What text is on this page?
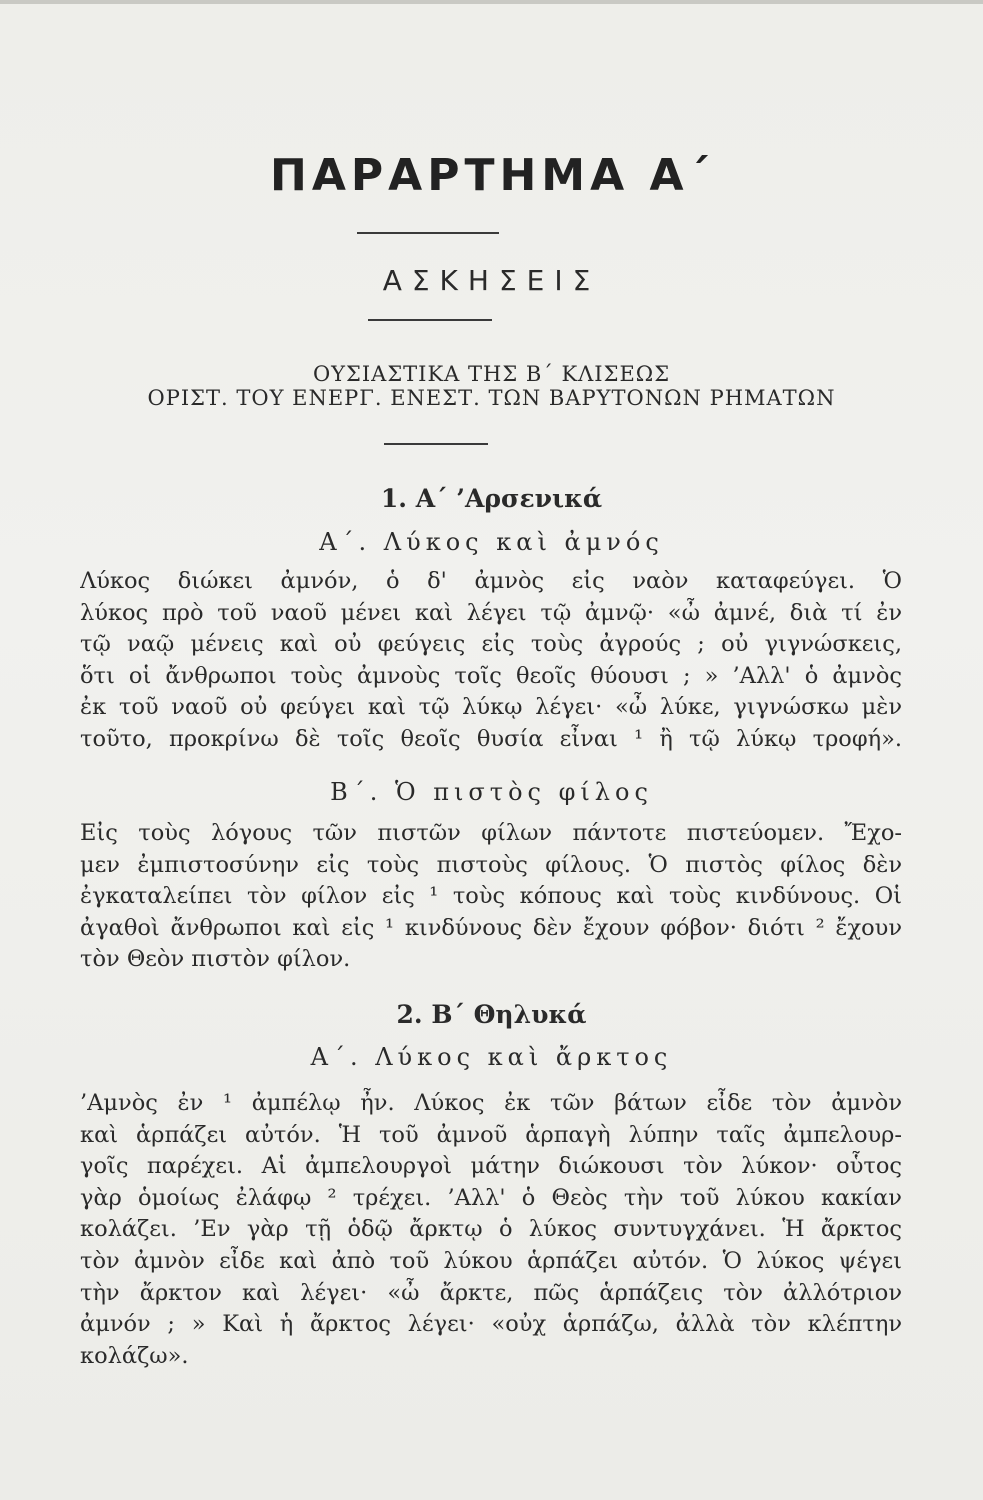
ΠΑΡΑΡΤΗΜΑ Α΄
ΑΣΚΗΣΕΙΣ
ΟΥΣΙΑΣΤΙΚΑ ΤΗΣ Β΄ ΚΛΙΣΕΩΣ
ΟΡΙΣΤ. ΤΟΥ ΕΝΕΡΓ. ΕΝΕΣΤ. ΤΩΝ ΒΑΡΥΤΟΝΩΝ ΡΗΜΑΤΩΝ
1. Α΄ ’Αρσενικά
Α΄. Λύκος καὶ ἀμνός
Λύκος διώκει ἀμνόν, ὁ δ' ἀμνὸς εἰς ναὸν καταφεύγει. Ὁ
λύκος πρὸ τοῦ ναοῦ μένει καὶ λέγει τῷ ἀμνῷ· «ὦ ἀμνέ, διὰ τί ἐν
τῷ ναῷ μένεις καὶ οὐ φεύγεις εἰς τοὺς ἀγρούς ; οὐ γιγνώσκεις,
ὅτι οἱ ἄνθρωποι τοὺς ἀμνοὺς τοῖς θεοῖς θύουσι ; » ’Αλλ' ὁ ἀμνὸς
ἐκ τοῦ ναοῦ οὐ φεύγει καὶ τῷ λύκῳ λέγει· «ὦ λύκε, γιγνώσκω μὲν
τοῦτο, προκρίνω δὲ τοῖς θεοῖς θυσία εἶναι ¹ ἢ τῷ λύκῳ τροφή».
Β΄. Ὁ πιστὸς φίλος
Εἰς τοὺς λόγους τῶν πιστῶν φίλων πάντοτε πιστεύομεν. Ἔχο-
μεν ἐμπιστοσύνην εἰς τοὺς πιστοὺς φίλους. Ὁ πιστὸς φίλος δὲν
ἐγκαταλείπει τὸν φίλον εἰς ¹ τοὺς κόπους καὶ τοὺς κινδύνους. Οἱ
ἀγαθοὶ ἄνθρωποι καὶ εἰς ¹ κινδύνους δὲν ἔχουν φόβον· διότι ² ἔχουν
τὸν Θεὸν πιστὸν φίλον.
2. Β΄ Θηλυκά
Α΄. Λύκος καὶ ἄρκτος
’Αμνὸς ἐν ¹ ἀμπέλῳ ἦν. Λύκος ἐκ τῶν βάτων εἶδε τὸν ἀμνὸν
καὶ ἁρπάζει αὐτόν. Ἡ τοῦ ἀμνοῦ ἁρπαγὴ λύπην ταῖς ἀμπελουρ-
γοῖς παρέχει. Αἱ ἀμπελουργοὶ μάτην διώκουσι τὸν λύκον· οὗτος
γὰρ ὁμοίως ἐλάφῳ ² τρέχει. ’Αλλ' ὁ Θεὸς τὴν τοῦ λύκου κακίαν
κολάζει. ’Εν γὰρ τῇ ὁδῷ ἄρκτῳ ὁ λύκος συντυγχάνει. Ἡ ἄρκτος
τὸν ἀμνὸν εἶδε καὶ ἀπὸ τοῦ λύκου ἁρπάζει αὐτόν. Ὁ λύκος ψέγει
τὴν ἄρκτον καὶ λέγει· «ὦ ἄρκτε, πῶς ἁρπάζεις τὸν ἀλλότριον
ἀμνόν ; » Καὶ ἡ ἄρκτος λέγει· «οὐχ ἁρπάζω, ἀλλὰ τὸν κλέπτην
κολάζω».
